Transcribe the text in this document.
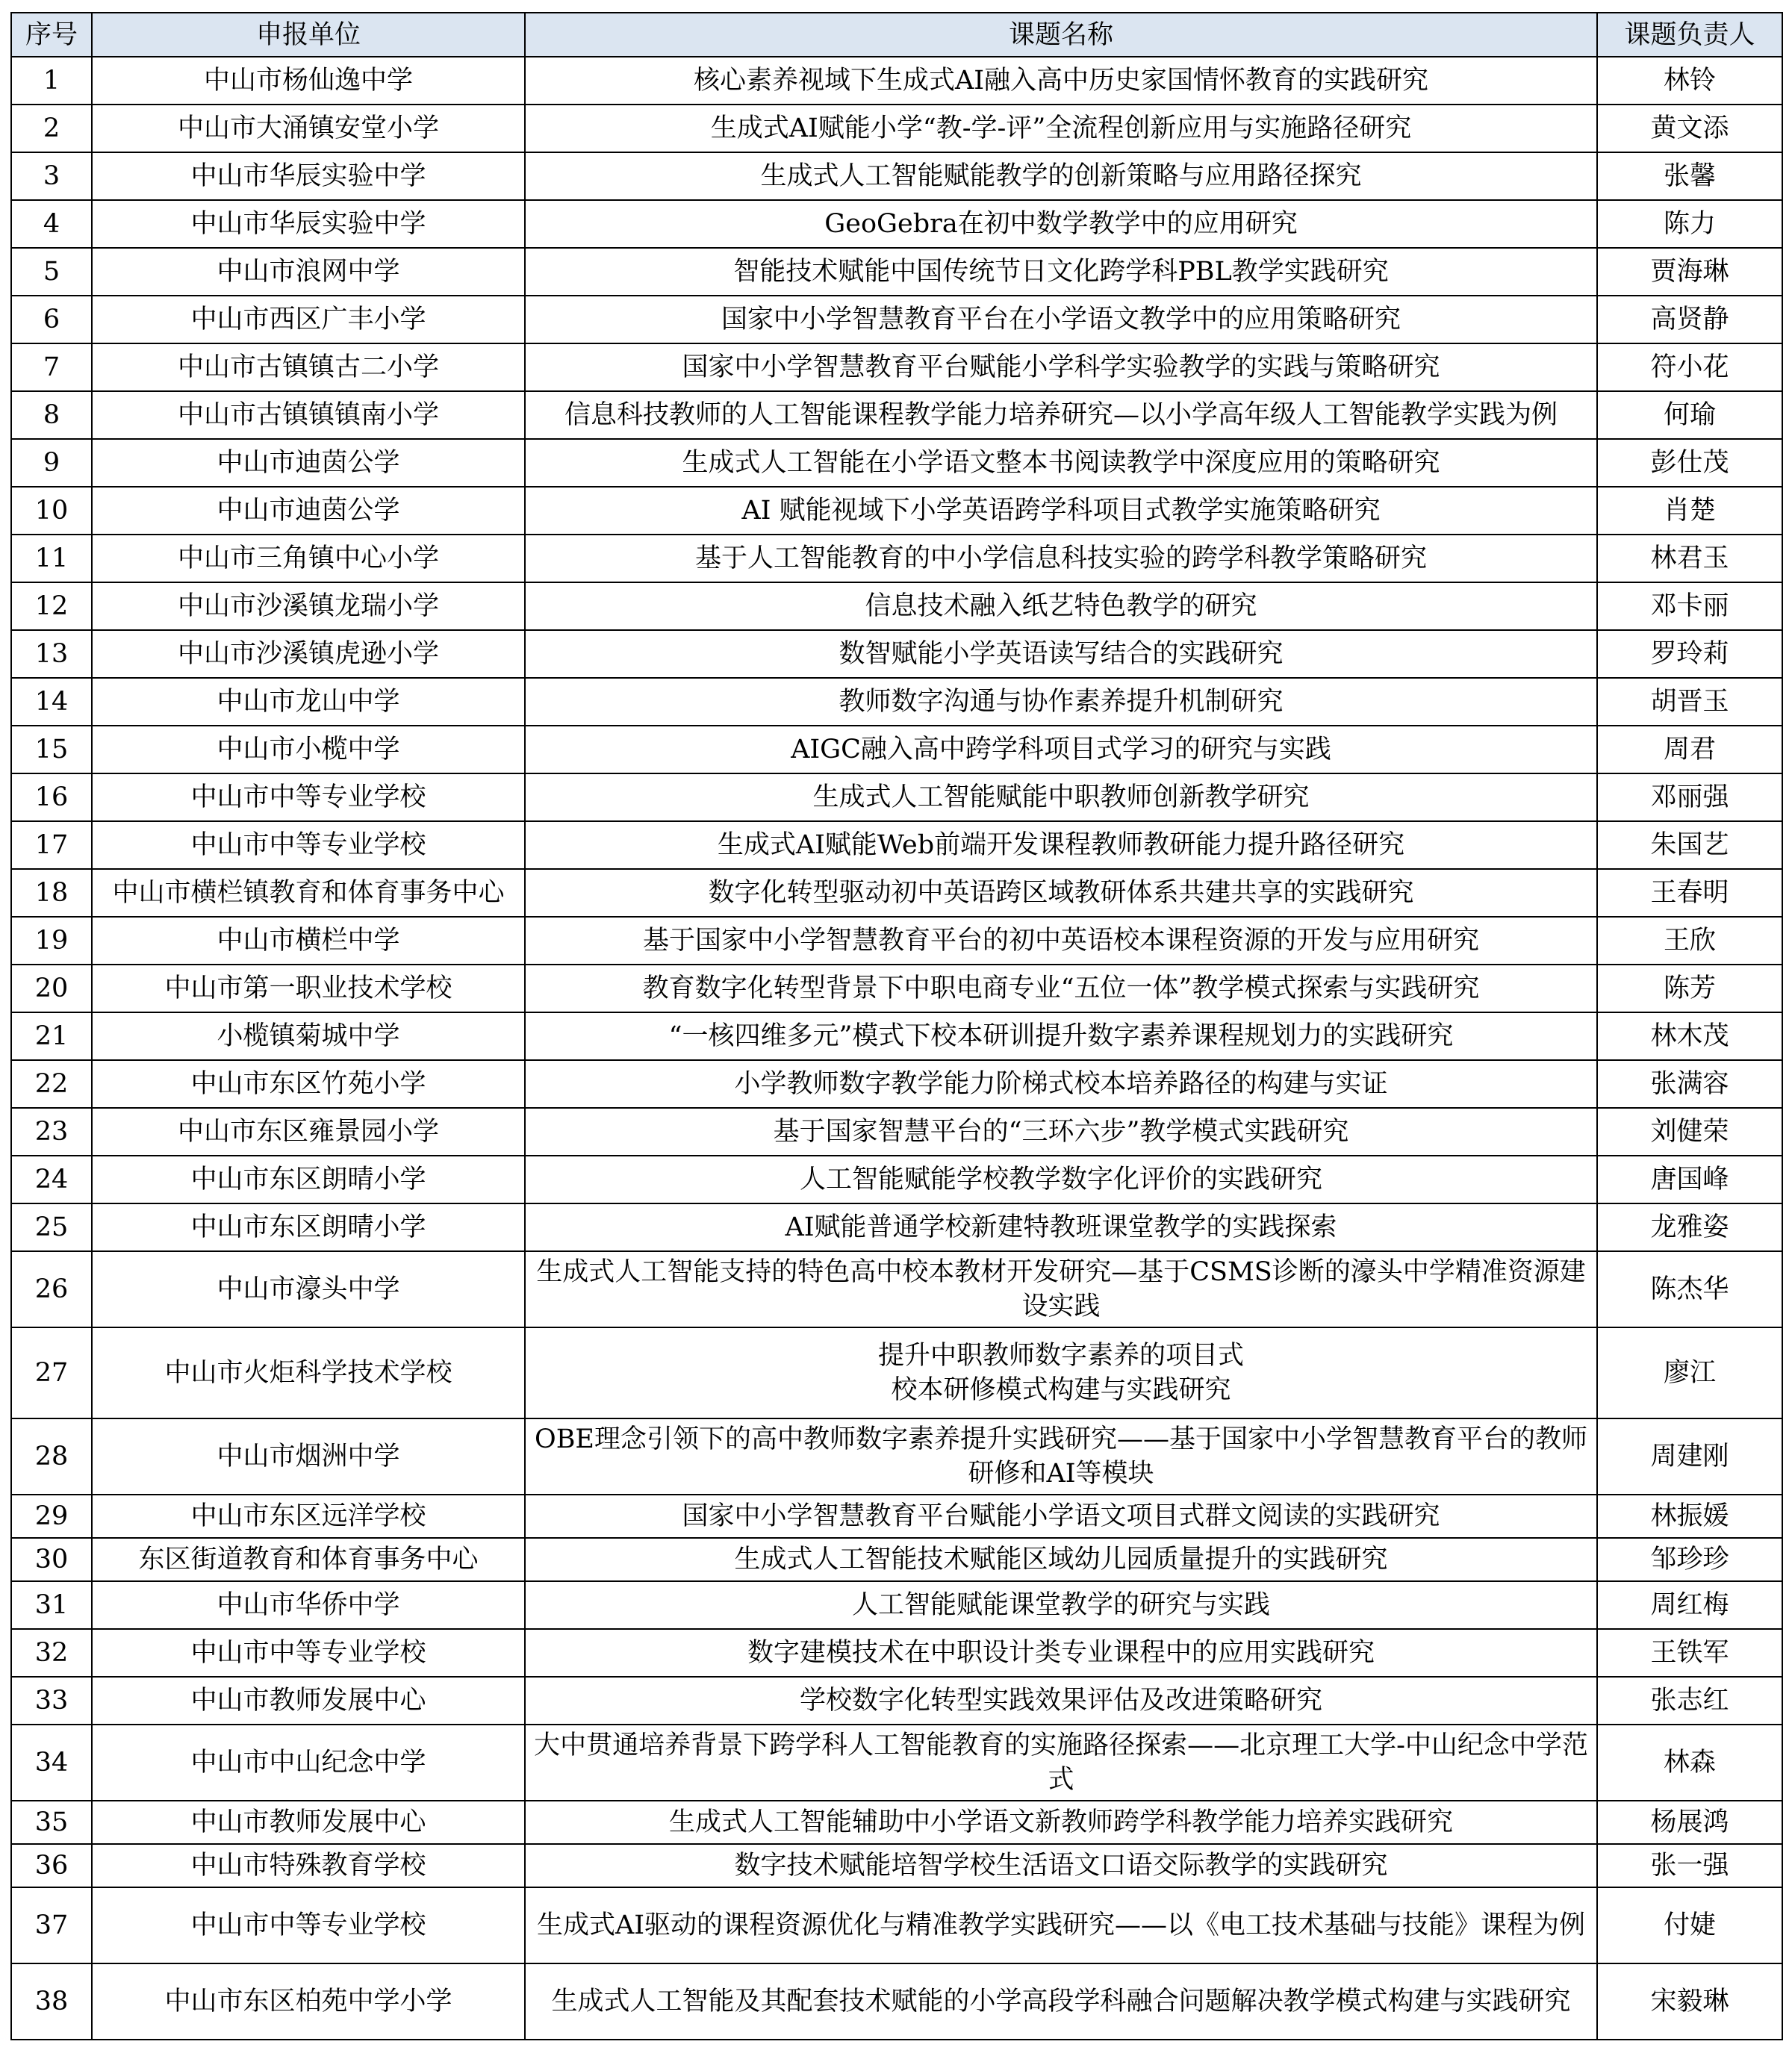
序号	申报单位	课题名称	课题负责人
1	中山市杨仙逸中学	核心素养视域下生成式AI融入高中历史家国情怀教育的实践研究	林铃
2	中山市大涌镇安堂小学	生成式AI赋能小学“教-学-评”全流程创新应用与实施路径研究	黄文添
3	中山市华辰实验中学	生成式人工智能赋能教学的创新策略与应用路径探究	张馨
4	中山市华辰实验中学	GeoGebra在初中数学教学中的应用研究	陈力
5	中山市浪网中学	智能技术赋能中国传统节日文化跨学科PBL教学实践研究	贾海琳
6	中山市西区广丰小学	国家中小学智慧教育平台在小学语文教学中的应用策略研究	高贤静
7	中山市古镇镇古二小学	国家中小学智慧教育平台赋能小学科学实验教学的实践与策略研究	符小花
8	中山市古镇镇镇南小学	信息科技教师的人工智能课程教学能力培养研究—以小学高年级人工智能教学实践为例	何瑜
9	中山市迪茵公学	生成式人工智能在小学语文整本书阅读教学中深度应用的策略研究	彭仕茂
10	中山市迪茵公学	AI 赋能视域下小学英语跨学科项目式教学实施策略研究	肖楚
11	中山市三角镇中心小学	基于人工智能教育的中小学信息科技实验的跨学科教学策略研究	林君玉
12	中山市沙溪镇龙瑞小学	信息技术融入纸艺特色教学的研究	邓卡丽
13	中山市沙溪镇虎逊小学	数智赋能小学英语读写结合的实践研究	罗玲莉
14	中山市龙山中学	教师数字沟通与协作素养提升机制研究	胡晋玉
15	中山市小榄中学	AIGC融入高中跨学科项目式学习的研究与实践	周君
16	中山市中等专业学校	生成式人工智能赋能中职教师创新教学研究	邓丽强
17	中山市中等专业学校	生成式AI赋能Web前端开发课程教师教研能力提升路径研究	朱国艺
18	中山市横栏镇教育和体育事务中心	数字化转型驱动初中英语跨区域教研体系共建共享的实践研究	王春明
19	中山市横栏中学	基于国家中小学智慧教育平台的初中英语校本课程资源的开发与应用研究	王欣
20	中山市第一职业技术学校	教育数字化转型背景下中职电商专业“五位一体”教学模式探索与实践研究	陈芳
21	小榄镇菊城中学	“一核四维多元”模式下校本研训提升数字素养课程规划力的实践研究	林木茂
22	中山市东区竹苑小学	小学教师数字教学能力阶梯式校本培养路径的构建与实证	张满容
23	中山市东区雍景园小学	基于国家智慧平台的“三环六步”教学模式实践研究	刘健荣
24	中山市东区朗晴小学	人工智能赋能学校教学数字化评价的实践研究	唐国峰
25	中山市东区朗晴小学	AI赋能普通学校新建特教班课堂教学的实践探索	龙雅姿
26	中山市濠头中学	生成式人工智能支持的特色高中校本教材开发研究—基于CSMS诊断的濠头中学精准资源建设实践	陈杰华
27	中山市火炬科学技术学校	提升中职教师数字素养的项目式
校本研修模式构建与实践研究	廖江
28	中山市烟洲中学	OBE理念引领下的高中教师数字素养提升实践研究——基于国家中小学智慧教育平台的教师研修和AI等模块	周建刚
29	中山市东区远洋学校	国家中小学智慧教育平台赋能小学语文项目式群文阅读的实践研究	林振媛
30	东区街道教育和体育事务中心	生成式人工智能技术赋能区域幼儿园质量提升的实践研究	邹珍珍
31	中山市华侨中学	人工智能赋能课堂教学的研究与实践	周红梅
32	中山市中等专业学校	数字建模技术在中职设计类专业课程中的应用实践研究	王铁军
33	中山市教师发展中心	学校数字化转型实践效果评估及改进策略研究	张志红
34	中山市中山纪念中学	大中贯通培养背景下跨学科人工智能教育的实施路径探索——北京理工大学-中山纪念中学范式	林森
35	中山市教师发展中心	生成式人工智能辅助中小学语文新教师跨学科教学能力培养实践研究	杨展鸿
36	中山市特殊教育学校	数字技术赋能培智学校生活语文口语交际教学的实践研究	张一强
37	中山市中等专业学校	生成式AI驱动的课程资源优化与精准教学实践研究——以《电工技术基础与技能》课程为例	付婕
38	中山市东区柏苑中学小学	生成式人工智能及其配套技术赋能的小学高段学科融合问题解决教学模式构建与实践研究	宋毅琳
